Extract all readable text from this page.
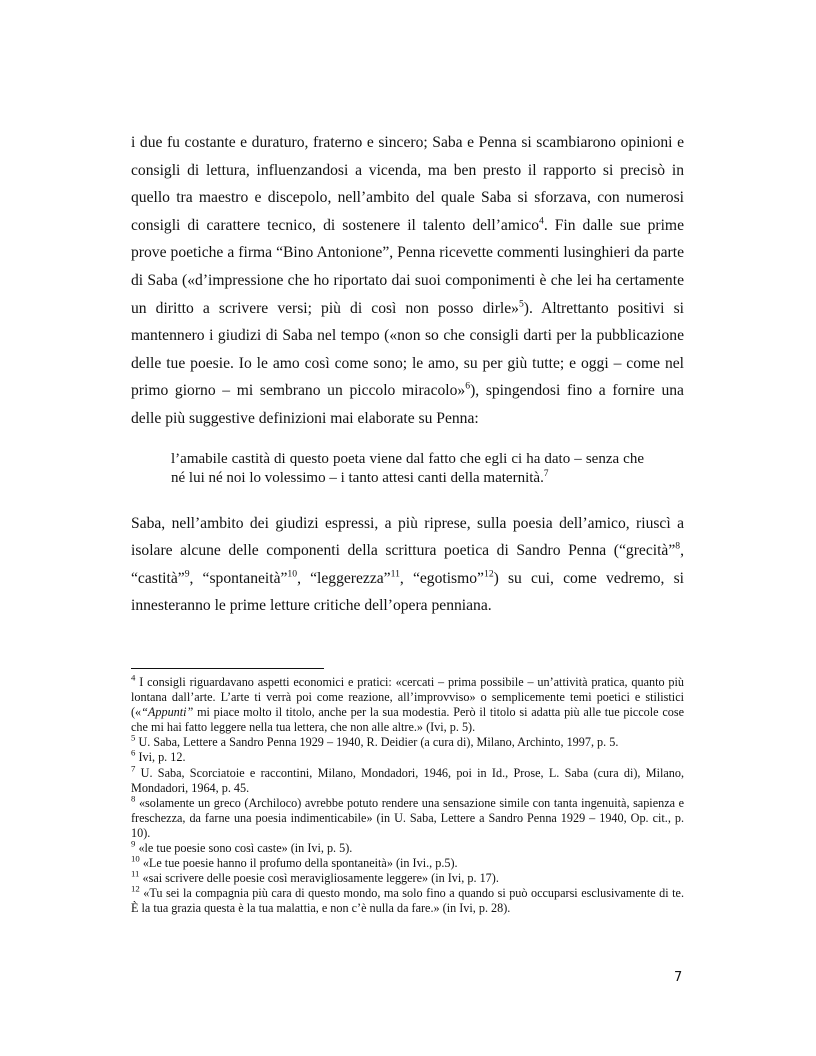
i due fu costante e duraturo, fraterno e sincero; Saba e Penna si scambiarono opinioni e consigli di lettura, influenzandosi a vicenda, ma ben presto il rapporto si precisò in quello tra maestro e discepolo, nell’ambito del quale Saba si sforzava, con numerosi consigli di carattere tecnico, di sostenere il talento dell’amico$^4$. Fin dalle sue prime prove poetiche a firma “Bino Antonione”, Penna ricevette commenti lusinghieri da parte di Saba («d’impressione che ho riportato dai suoi componimenti è che lei ha certamente un diritto a scrivere versi; più di così non posso dirle»$^5$). Altrettanto positivi si mantennero i giudizi di Saba nel tempo («non so che consigli darti per la pubblicazione delle tue poesie. Io le amo così come sono; le amo, su per giù tutte; e oggi – come nel primo giorno – mi sembrano un piccolo miracolo»$^6$), spingendosi fino a fornire una delle più suggestive definizioni mai elaborate su Penna:

l’amabile castità di questo poeta viene dal fatto che egli ci ha dato – senza che né lui né noi lo volessimo – i tanto attesi canti della maternità.$^7$

Saba, nell’ambito dei giudizi espressi, a più riprese, sulla poesia dell’amico, riuscì a isolare alcune delle componenti della scrittura poetica di Sandro Penna (“grecità”$^8$, “castità”$^9$, “spontaneità”$^{10}$, “leggerezza”$^{11}$, “egotismo”$^{12}$) su cui, come vedremo, si innesteranno le prime letture critiche dell’opera penniana.

$^4$ I consigli riguardavano aspetti economici e pratici: «cercati – prima possibile – un’attività pratica, quanto più lontana dall’arte. L’arte ti verrà poi come reazione, all’improvviso» o semplicemente temi poetici e stilistici («“Appunti” mi piace molto il titolo, anche per la sua modestia. Però il titolo si adatta più alle tue piccole cose che mi hai fatto leggere nella tua lettera, che non alle altre.» (Ivi, p. 5).

$^5$ U. Saba, Lettere a Sandro Penna 1929 – 1940, R. Deidier (a cura di), Milano, Archinto, 1997, p. 5.

$^6$ Ivi, p. 12.

$^7$ U. Saba, Scorciatoie e raccontini, Milano, Mondadori, 1946, poi in Id., Prose, L. Saba (cura di), Milano, Mondadori, 1964, p. 45.

$^8$ «solamente un greco (Archiloco) avrebbe potuto rendere una sensazione simile con tanta ingenuità, sapienza e freschezza, da farne una poesia indimenticabile» (in U. Saba, Lettere a Sandro Penna 1929 – 1940, Op. cit., p. 10).

$^9$ «le tue poesie sono così caste» (in Ivi, p. 5).

$^{10}$ «Le tue poesie hanno il profumo della spontaneità» (in Ivi., p.5).

$^{11}$ «sai scrivere delle poesie così meravigliosamente leggere» (in Ivi, p. 17).

$^{12}$ «Tu sei la compagnia più cara di questo mondo, ma solo fino a quando si può occuparsi esclusivamente di te. È la tua grazia questa è la tua malattia, e non c’è nulla da fare.» (in Ivi, p. 28).

7
